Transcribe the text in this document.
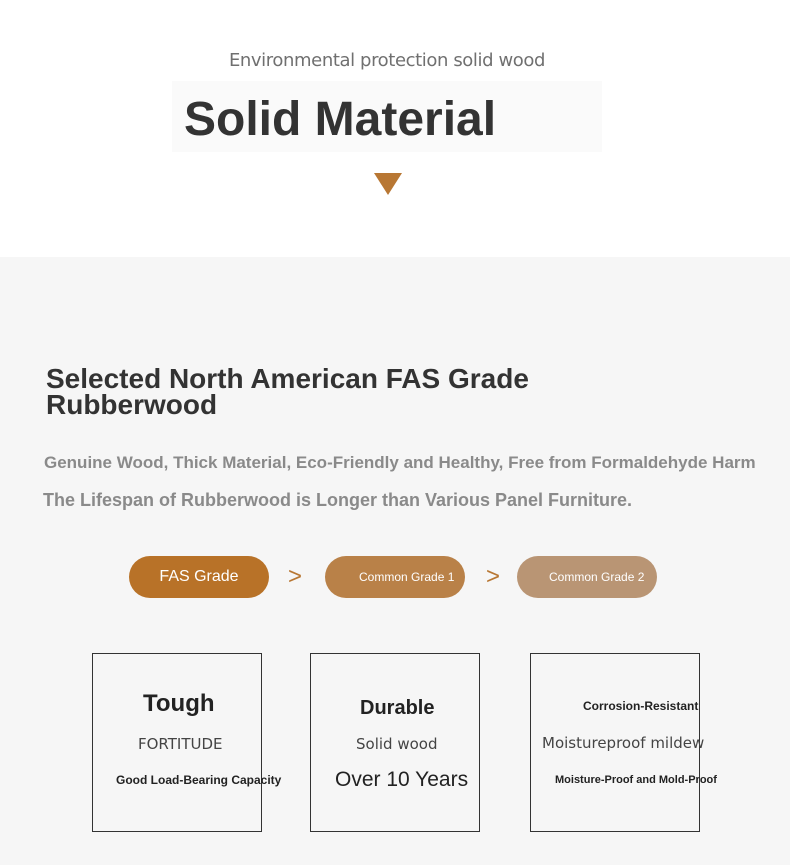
Environmental protection solid wood
Solid Material
Selected North American FAS Grade Rubberwood
Genuine Wood, Thick Material, Eco-Friendly and Healthy, Free from Formaldehyde Harm
The Lifespan of Rubberwood is Longer than Various Panel Furniture.
FAS Grade >	Common Grade 1 >	Common Grade 2
Tough
FORTITUDE
Good Load-Bearing Capacity
Durable
Solid wood
Over 10 Years
Corrosion-Resistant
Moistureproof mildew
Moisture-Proof and Mold-Proof
